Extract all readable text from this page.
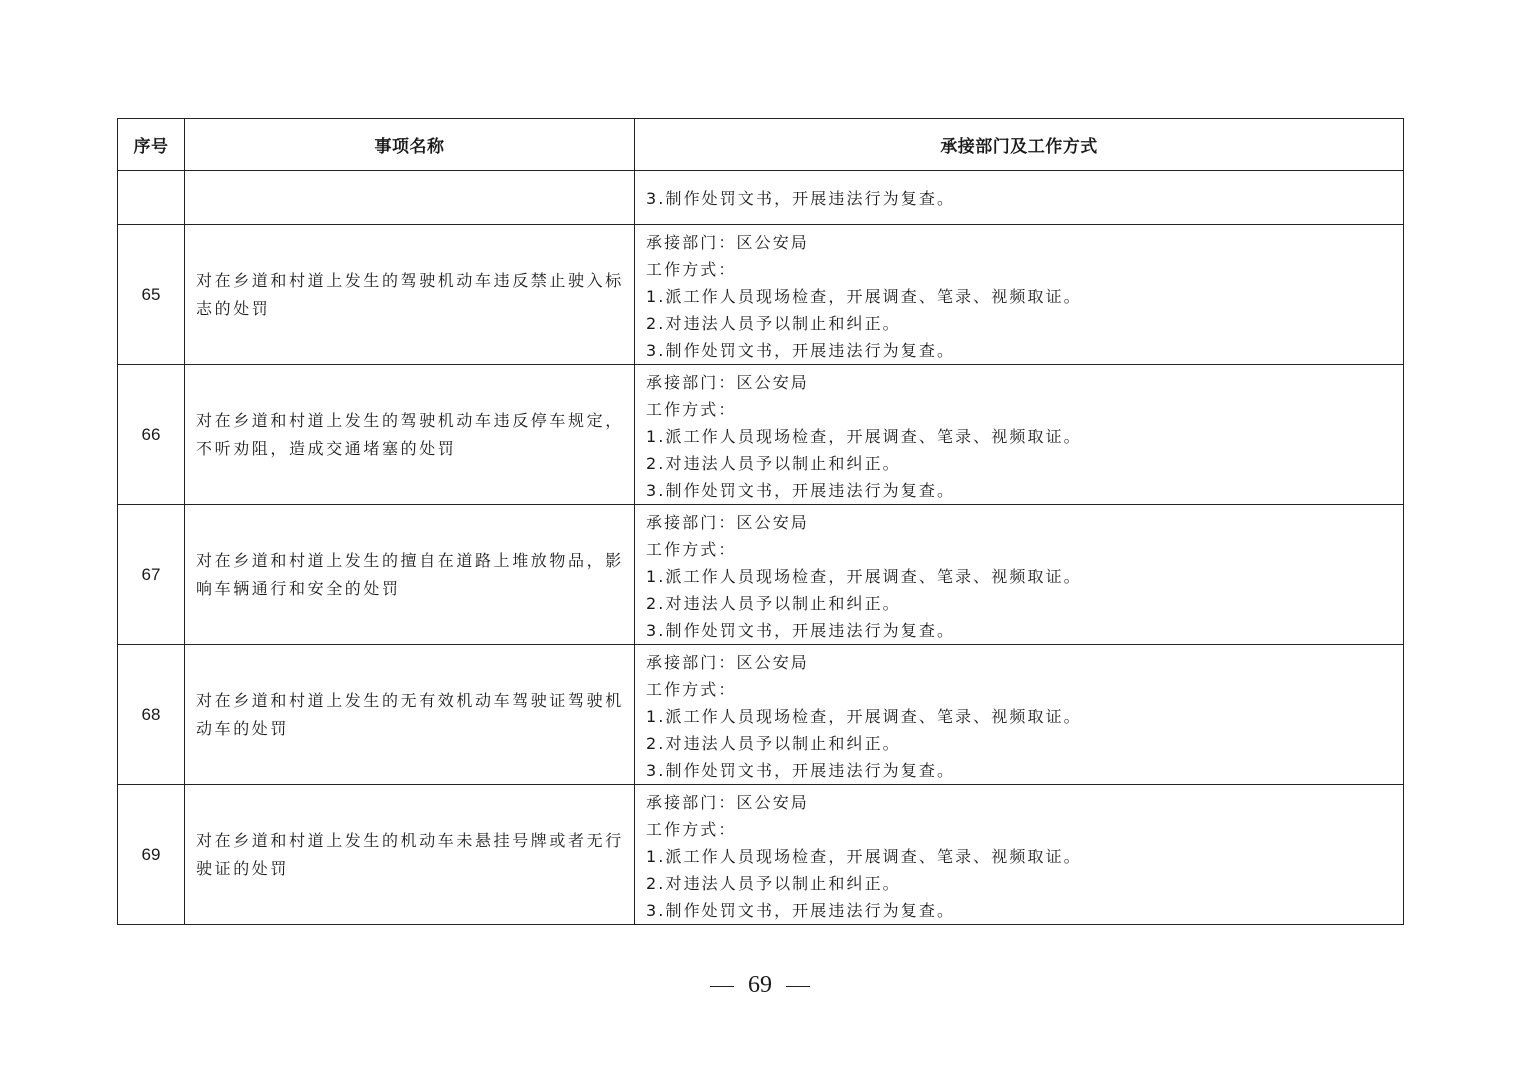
序号	事项名称	承接部门及工作方式

		3.制作处罚文书，开展违法行为复查。

65	对在乡道和村道上发生的驾驶机动车违反禁止驶入标志的处罚	承接部门：区公安局
工作方式：
1.派工作人员现场检查，开展调查、笔录、视频取证。
2.对违法人员予以制止和纠正。
3.制作处罚文书，开展违法行为复查。

66	对在乡道和村道上发生的驾驶机动车违反停车规定，不听劝阻，造成交通堵塞的处罚	承接部门：区公安局
工作方式：
1.派工作人员现场检查，开展调查、笔录、视频取证。
2.对违法人员予以制止和纠正。
3.制作处罚文书，开展违法行为复查。

67	对在乡道和村道上发生的擅自在道路上堆放物品，影响车辆通行和安全的处罚	承接部门：区公安局
工作方式：
1.派工作人员现场检查，开展调查、笔录、视频取证。
2.对违法人员予以制止和纠正。
3.制作处罚文书，开展违法行为复查。

68	对在乡道和村道上发生的无有效机动车驾驶证驾驶机动车的处罚	承接部门：区公安局
工作方式：
1.派工作人员现场检查，开展调查、笔录、视频取证。
2.对违法人员予以制止和纠正。
3.制作处罚文书，开展违法行为复查。

69	对在乡道和村道上发生的机动车未悬挂号牌或者无行驶证的处罚	承接部门：区公安局
工作方式：
1.派工作人员现场检查，开展调查、笔录、视频取证。
2.对违法人员予以制止和纠正。
3.制作处罚文书，开展违法行为复查。
69
